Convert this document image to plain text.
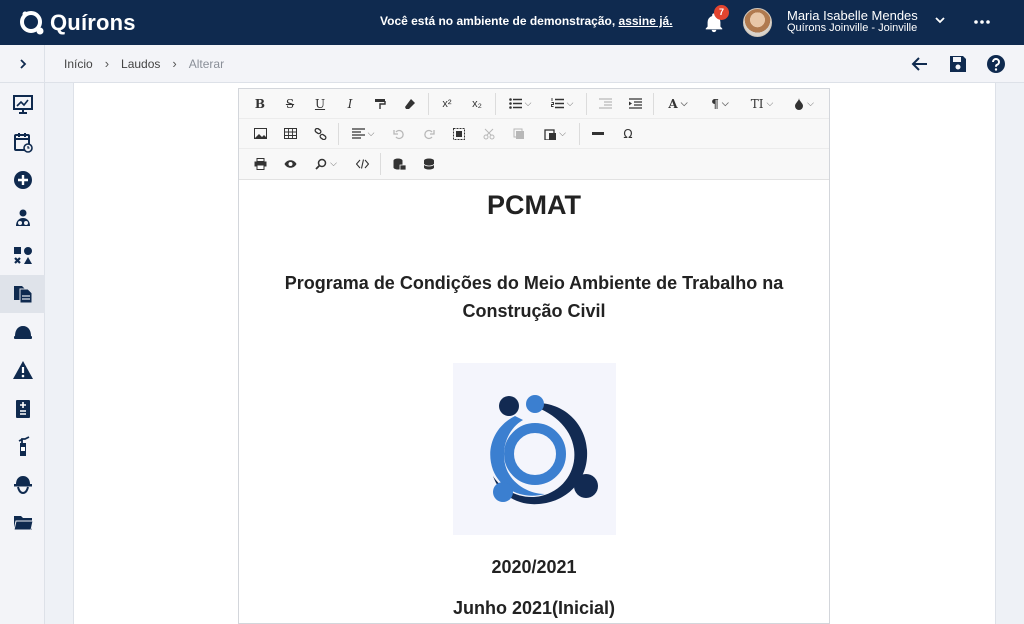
Quírons	Você está no ambiente de demonstração, assine já.
7	Maria Isabelle Mendes
Quírons Joinville - Joinville
Início › Laudos › Alterar
B	S	U	I	x²	x₂	⌵	⌵	A ⌵ ¶ ⌵ TI ⌵	⌵
⌵	⌵	Ω
⌵
PCMAT
Programa de Condições do Meio Ambiente de Trabalho na Construção Civil
2020/2021
Junho 2021(Inicial)
